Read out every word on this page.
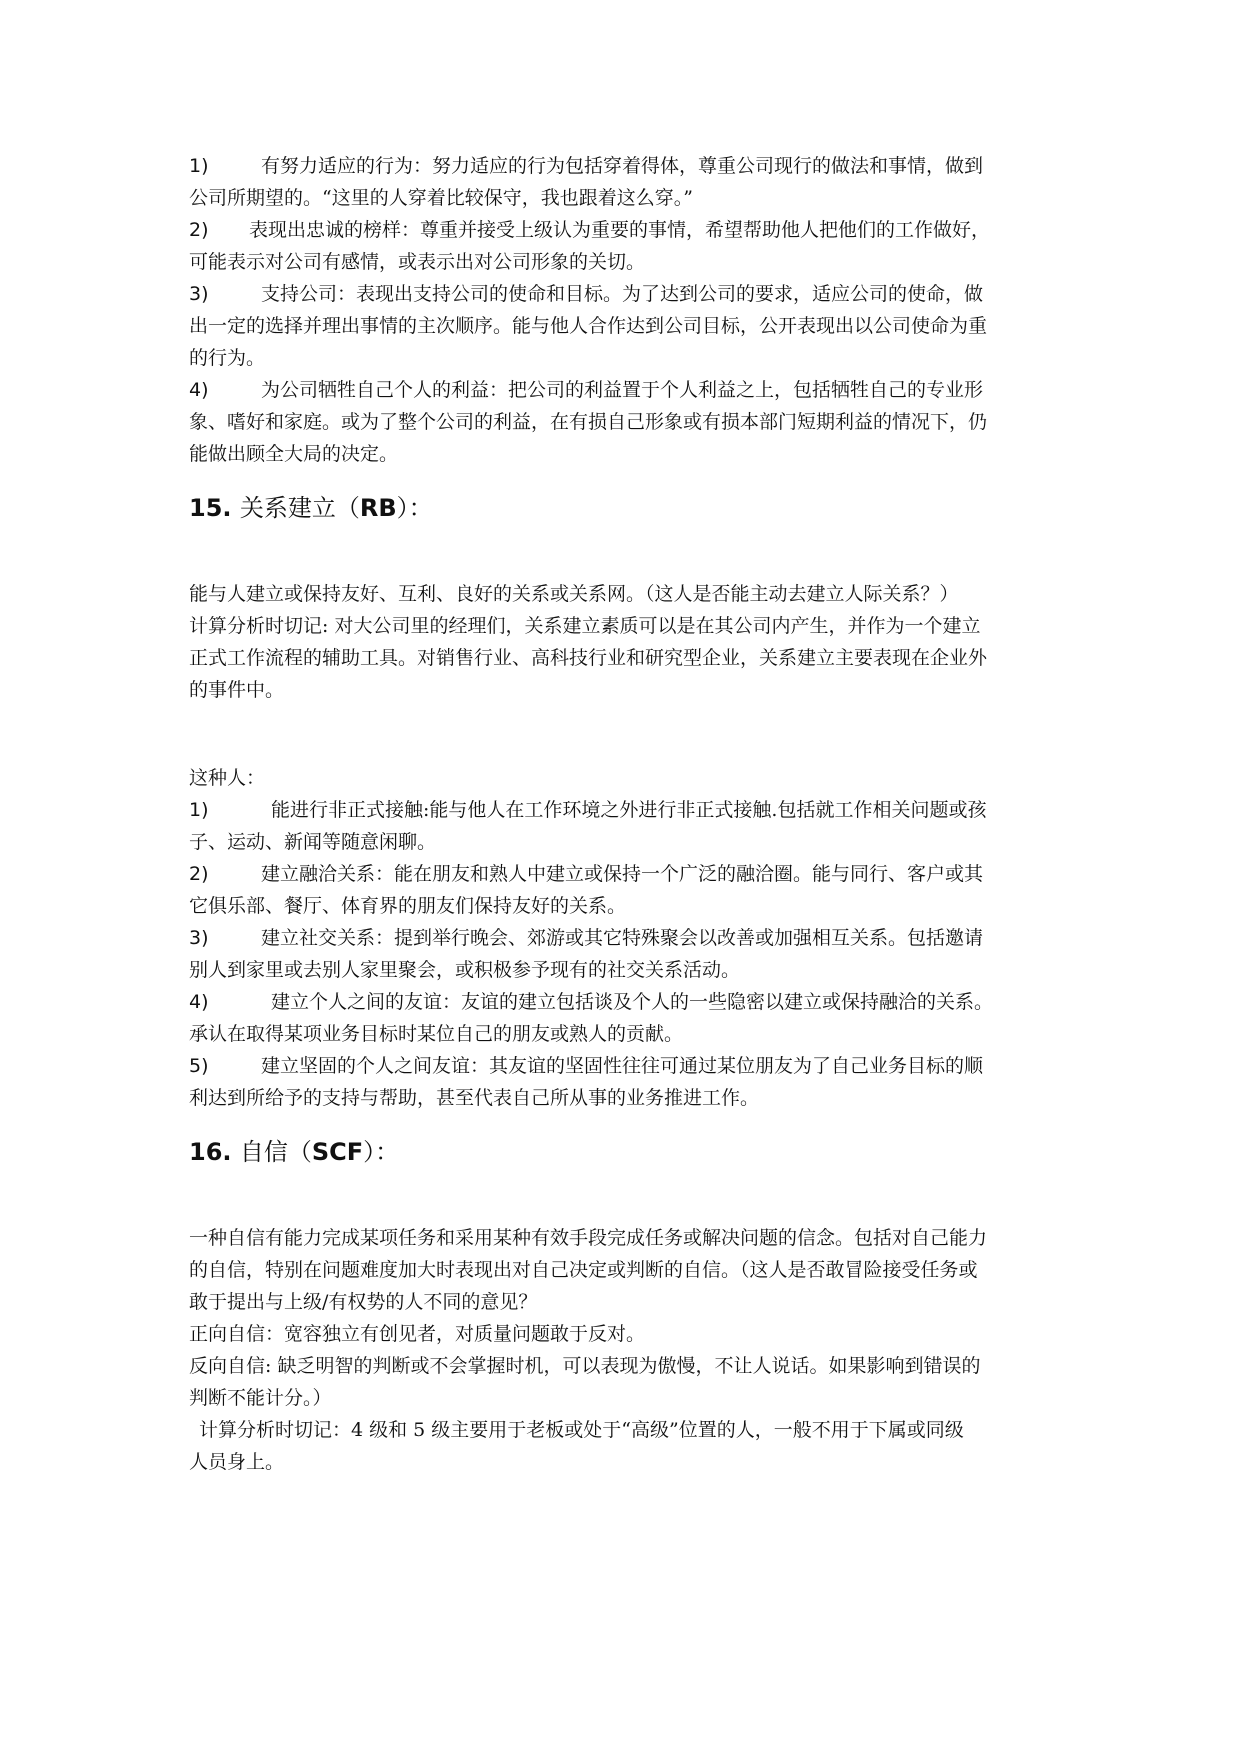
1)	有努力适应的行为：努力适应的行为包括穿着得体，尊重公司现行的做法和事情，做到
公司所期望的。“这里的人穿着比较保守，我也跟着这么穿。”
2)	表现出忠诚的榜样：尊重并接受上级认为重要的事情，希望帮助他人把他们的工作做好，
可能表示对公司有感情，或表示出对公司形象的关切。
3)	支持公司：表现出支持公司的使命和目标。为了达到公司的要求，适应公司的使命，做
出一定的选择并理出事情的主次顺序。能与他人合作达到公司目标，公开表现出以公司使命为重
的行为。
4)	为公司牺牲自己个人的利益：把公司的利益置于个人利益之上，包括牺牲自己的专业形
象、嗜好和家庭。或为了整个公司的利益，在有损自己形象或有损本部门短期利益的情况下，仍
能做出顾全大局的决定。
15. 关系建立（RB）：
能与人建立或保持友好、互利、良好的关系或关系网。（这人是否能主动去建立人际关系？）
计算分析时切记: 对大公司里的经理们，关系建立素质可以是在其公司内产生，并作为一个建立
正式工作流程的辅助工具。对销售行业、高科技行业和研究型企业，关系建立主要表现在企业外
的事件中。
这种人：
1)	能进行非正式接触:能与他人在工作环境之外进行非正式接触.包括就工作相关问题或孩
子、运动、新闻等随意闲聊。
2)	建立融洽关系：能在朋友和熟人中建立或保持一个广泛的融洽圈。能与同行、客户或其
它俱乐部、餐厅、体育界的朋友们保持友好的关系。
3)	建立社交关系：提到举行晚会、郊游或其它特殊聚会以改善或加强相互关系。包括邀请
别人到家里或去别人家里聚会，或积极参予现有的社交关系活动。
4)	建立个人之间的友谊：友谊的建立包括谈及个人的一些隐密以建立或保持融洽的关系。
承认在取得某项业务目标时某位自己的朋友或熟人的贡献。
5)	建立坚固的个人之间友谊：其友谊的坚固性往往可通过某位朋友为了自己业务目标的顺
利达到所给予的支持与帮助，甚至代表自己所从事的业务推进工作。
16. 自信（SCF）：
一种自信有能力完成某项任务和采用某种有效手段完成任务或解决问题的信念。包括对自己能力
的自信，特别在问题难度加大时表现出对自己决定或判断的自信。（这人是否敢冒险接受任务或
敢于提出与上级/有权势的人不同的意见？
正向自信：宽容独立有创见者，对质量问题敢于反对。
反向自信: 缺乏明智的判断或不会掌握时机，可以表现为傲慢，不让人说话。如果影响到错误的
判断不能计分。）
计算分析时切记：4 级和 5 级主要用于老板或处于“高级”位置的人，一般不用于下属或同级
人员身上。
